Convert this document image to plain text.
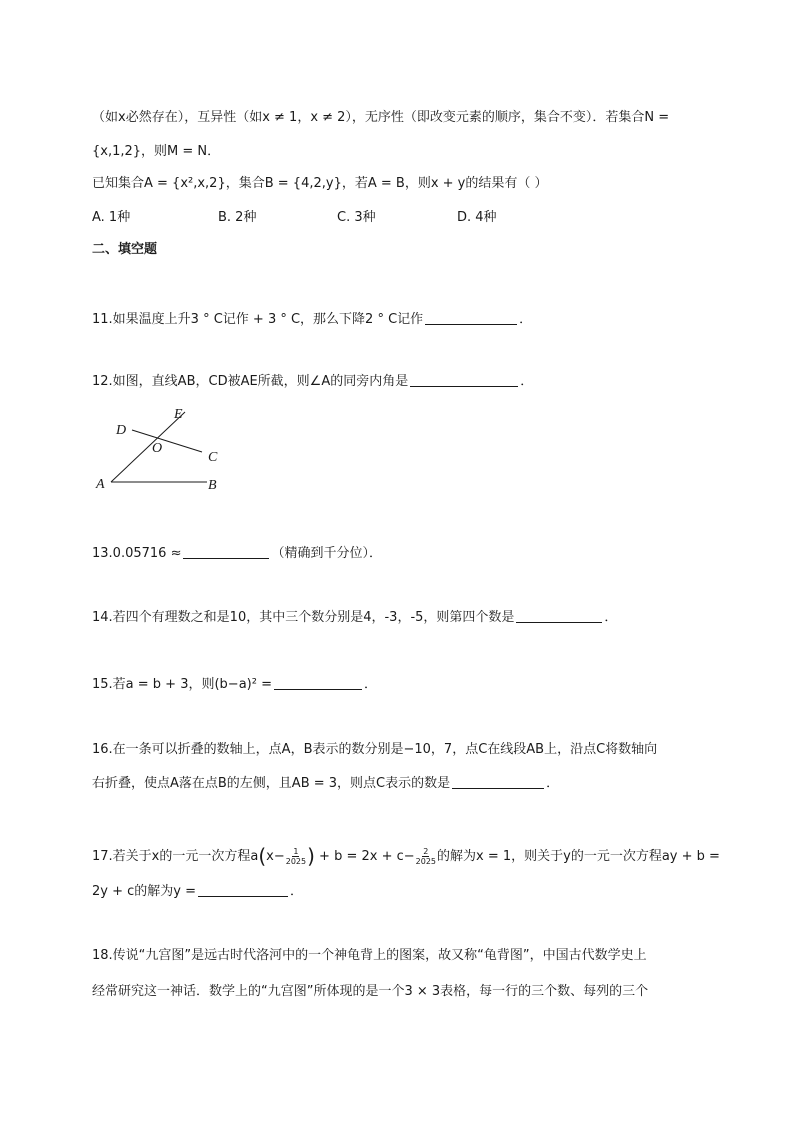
（如x必然存在），互异性（如x ≠ 1，x ≠ 2），无序性（即改变元素的顺序，集合不变）．若集合N =
{x,1,2}，则M = N．
已知集合A = {x²,x,2}，集合B = {4,2,y}，若A = B，则x + y的结果有（ ）
A. 1种	B. 2种	C. 3种	D. 4种
二、填空题
11.如果温度上升3 ° C记作 + 3 ° C，那么下降2 ° C记作	．
12.如图，直线AB，CD被AE所截，则∠A的同旁内角是	．
D
E
O
C
A	B
13.0.05716 ≈	（精确到千分位）．
14.若四个有理数之和是10，其中三个数分别是4，-3，-5，则第四个数是	．
15.若a = b + 3，则(b−a)² =	．
16.在一条可以折叠的数轴上，点A，B表示的数分别是−10，7，点C在线段AB上，沿点C将数轴向
右折叠，使点A落在点B的左侧，且AB = 3，则点C表示的数是	．
17.若关于x的一元一次方程$a(x- \frac{1}{2025}$ ) + $b = 2x + c- \frac{2}{2025}$ 的解为x = 1，则关于y的一元一次方程ay + b =
2y + c的解为y =	．
18.传说“九宫图”是远古时代洛河中的一个神龟背上的图案，故又称“龟背图”，中国古代数学史上
经常研究这一神话．数学上的“九宫图”所体现的是一个3 × 3表格，每一行的三个数、每列的三个
